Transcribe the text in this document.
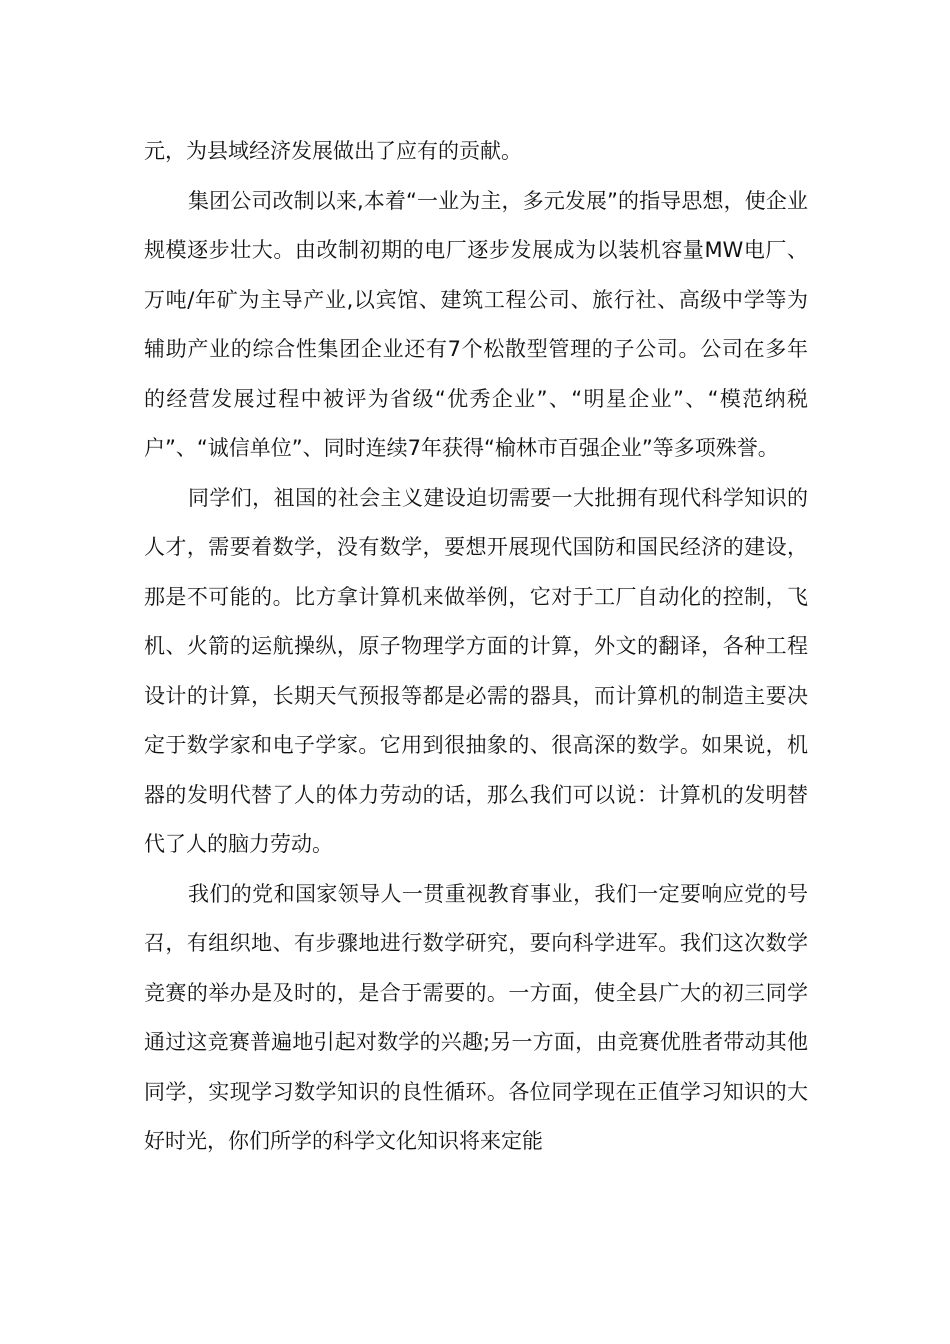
元，为县域经济发展做出了应有的贡献。

集团公司改制以来,本着“一业为主，多元发展”的指导思想，使企业规模逐步壮大。由改制初期的电厂逐步发展成为以装机容量MW电厂、万吨/年矿为主导产业,以宾馆、建筑工程公司、旅行社、高级中学等为辅助产业的综合性集团企业还有7个松散型管理的子公司。公司在多年的经营发展过程中被评为省级“优秀企业”、“明星企业”、“模范纳税户”、“诚信单位”、同时连续7年获得“榆林市百强企业”等多项殊誉。

同学们，祖国的社会主义建设迫切需要一大批拥有现代科学知识的人才，需要着数学，没有数学，要想开展现代国防和国民经济的建设，那是不可能的。比方拿计算机来做举例，它对于工厂自动化的控制，飞机、火箭的运航操纵，原子物理学方面的计算，外文的翻译，各种工程设计的计算，长期天气预报等都是必需的器具，而计算机的制造主要决定于数学家和电子学家。它用到很抽象的、很高深的数学。如果说，机器的发明代替了人的体力劳动的话，那么我们可以说：计算机的发明替代了人的脑力劳动。

我们的党和国家领导人一贯重视教育事业，我们一定要响应党的号召，有组织地、有步骤地进行数学研究，要向科学进军。我们这次数学竞赛的举办是及时的，是合于需要的。一方面，使全县广大的初三同学通过这竞赛普遍地引起对数学的兴趣;另一方面，由竞赛优胜者带动其他同学，实现学习数学知识的良性循环。各位同学现在正值学习知识的大好时光，你们所学的科学文化知识将来定能
